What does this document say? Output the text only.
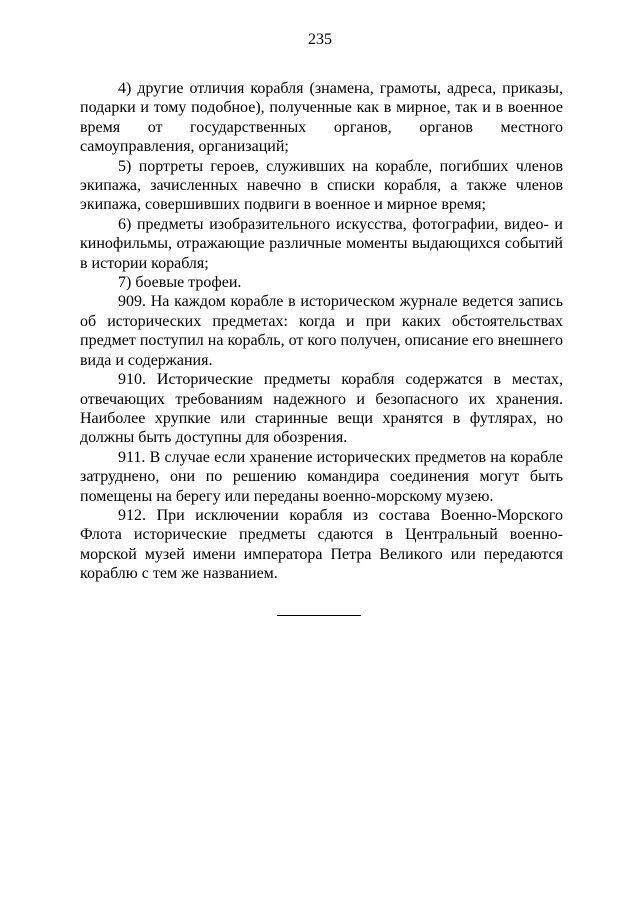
235

4) другие отличия корабля (знамена, грамоты, адреса, приказы, подарки и тому подобное), полученные как в мирное, так и в военное время от государственных органов, органов местного самоуправления, организаций;

5) портреты героев, служивших на корабле, погибших членов экипажа, зачисленных навечно в списки корабля, а также членов экипажа, совершивших подвиги в военное и мирное время;

6) предметы изобразительного искусства, фотографии, видео- и кинофильмы, отражающие различные моменты выдающихся событий в истории корабля;

7) боевые трофеи.

909. На каждом корабле в историческом журнале ведется запись об исторических предметах: когда и при каких обстоятельствах предмет поступил на корабль, от кого получен, описание его внешнего вида и содержания.

910. Исторические предметы корабля содержатся в местах, отвечающих требованиям надежного и безопасного их хранения. Наиболее хрупкие или старинные вещи хранятся в футлярах, но должны быть доступны для обозрения.

911. В случае если хранение исторических предметов на корабле затруднено, они по решению командира соединения могут быть помещены на берегу или переданы военно-морскому музею.

912. При исключении корабля из состава Военно-Морского Флота исторические предметы сдаются в Центральный военно-морской музей имени императора Петра Великого или передаются кораблю с тем же названием.
